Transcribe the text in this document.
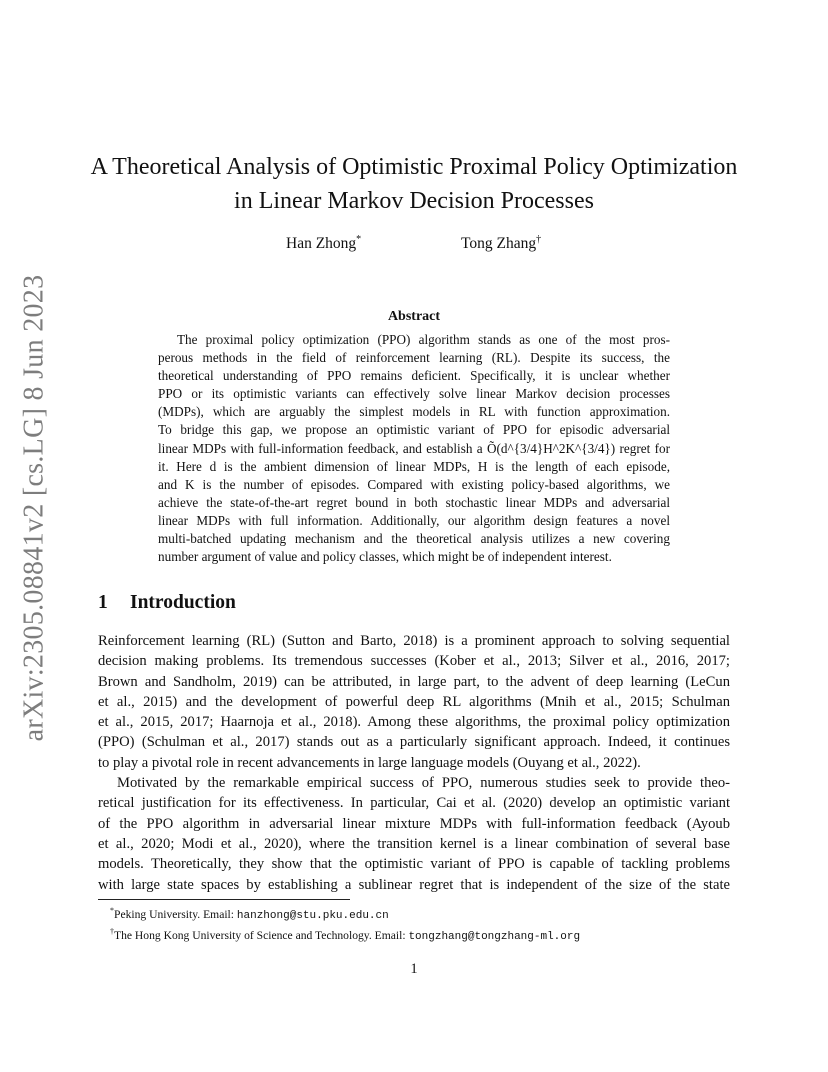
arXiv:2305.08841v2 [cs.LG] 8 Jun 2023
A Theoretical Analysis of Optimistic Proximal Policy Optimization
in Linear Markov Decision Processes
Han Zhong*	Tong Zhang†
Abstract
The proximal policy optimization (PPO) algorithm stands as one of the most pros-
perous methods in the field of reinforcement learning (RL). Despite its success, the
theoretical understanding of PPO remains deficient. Specifically, it is unclear whether
PPO or its optimistic variants can effectively solve linear Markov decision processes
(MDPs), which are arguably the simplest models in RL with function approximation.
To bridge this gap, we propose an optimistic variant of PPO for episodic adversarial
linear MDPs with full-information feedback, and establish a Õ(d^{3/4}H^2K^{3/4}) regret for
it. Here d is the ambient dimension of linear MDPs, H is the length of each episode,
and K is the number of episodes. Compared with existing policy-based algorithms, we
achieve the state-of-the-art regret bound in both stochastic linear MDPs and adversarial
linear MDPs with full information. Additionally, our algorithm design features a novel
multi-batched updating mechanism and the theoretical analysis utilizes a new covering
number argument of value and policy classes, which might be of independent interest.
1 Introduction
Reinforcement learning (RL) (Sutton and Barto, 2018) is a prominent approach to solving sequential
decision making problems. Its tremendous successes (Kober et al., 2013; Silver et al., 2016, 2017;
Brown and Sandholm, 2019) can be attributed, in large part, to the advent of deep learning (LeCun
et al., 2015) and the development of powerful deep RL algorithms (Mnih et al., 2015; Schulman
et al., 2015, 2017; Haarnoja et al., 2018). Among these algorithms, the proximal policy optimization
(PPO) (Schulman et al., 2017) stands out as a particularly significant approach. Indeed, it continues
to play a pivotal role in recent advancements in large language models (Ouyang et al., 2022).
Motivated by the remarkable empirical success of PPO, numerous studies seek to provide theo-
retical justification for its effectiveness. In particular, Cai et al. (2020) develop an optimistic variant
of the PPO algorithm in adversarial linear mixture MDPs with full-information feedback (Ayoub
et al., 2020; Modi et al., 2020), where the transition kernel is a linear combination of several base
models. Theoretically, they show that the optimistic variant of PPO is capable of tackling problems
with large state spaces by establishing a sublinear regret that is independent of the size of the state
*Peking University. Email: hanzhong@stu.pku.edu.cn
†The Hong Kong University of Science and Technology. Email: tongzhang@tongzhang-ml.org
1
